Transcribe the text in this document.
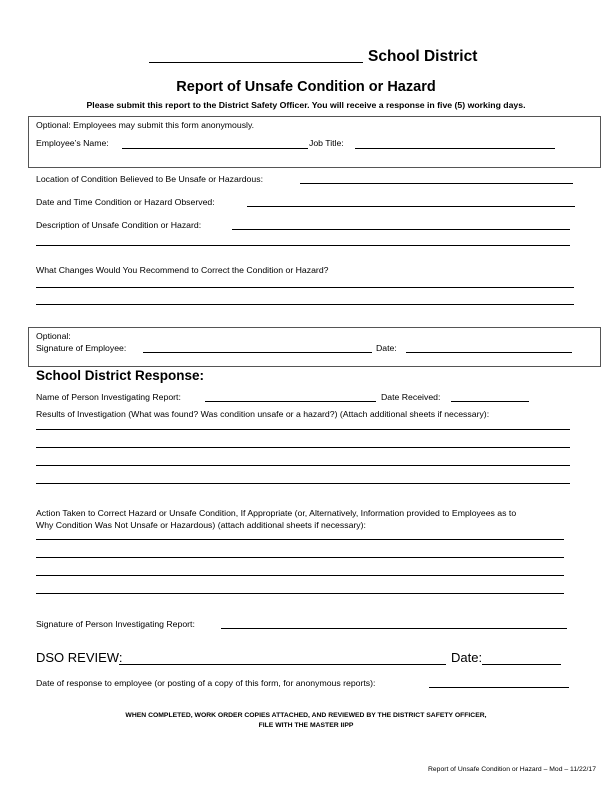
School District
Report of Unsafe Condition or Hazard
Please submit this report to the District Safety Officer. You will receive a response in five (5) working days.
Optional: Employees may submit this form anonymously.
Employee’s Name:	Job Title:
Location of Condition Believed to Be Unsafe or Hazardous:
Date and Time Condition or Hazard Observed:
Description of Unsafe Condition or Hazard:
What Changes Would You Recommend to Correct the Condition or Hazard?
Optional:
Signature of Employee:	Date:
School District Response:
Name of Person Investigating Report:	Date Received:
Results of Investigation (What was found? Was condition unsafe or a hazard?) (Attach additional sheets if necessary):
Action Taken to Correct Hazard or Unsafe Condition, If Appropriate (or, Alternatively, Information provided to Employees as to
Why Condition Was Not Unsafe or Hazardous) (attach additional sheets if necessary):
Signature of Person Investigating Report:
DSO REVIEW:	Date:
Date of response to employee (or posting of a copy of this form, for anonymous reports):
WHEN COMPLETED, WORK ORDER COPIES ATTACHED, AND REVIEWED BY THE DISTRICT SAFETY OFFICER,
FILE WITH THE MASTER IIPP
Report of Unsafe Condition or Hazard – Mod – 11/22/17
